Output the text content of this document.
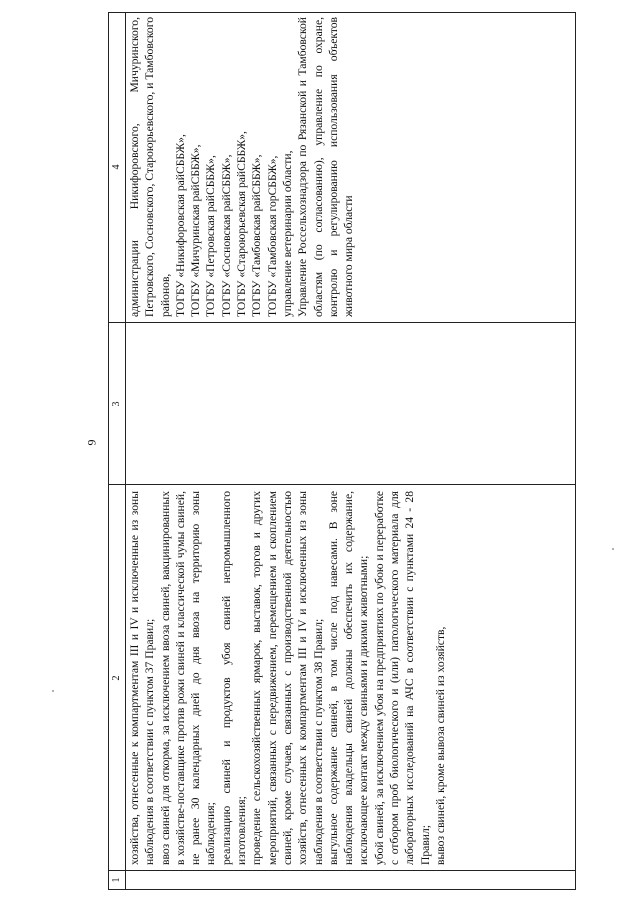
9
1
2
3
4

хозяйства, отнесенные к компартментам III и IV и исключенные из зоны наблюдения в соответствии с пунктом 37 Правил; ввоз свиней для откорма, за исключением ввоза свиней, вакцинированных в хозяйстве-поставщике против рожи свиней и классической чумы свиней, не ранее 30 календарных дней до дня ввоза на территорию зоны наблюдения; реализацию свиней и продуктов убоя свиней непромышленного изготовления; проведение сельскохозяйственных ярмарок, выставок, торгов и других мероприятий, связанных с передвижением, перемещением и скоплением свиней, кроме случаев, связанных с производственной деятельностью хозяйств, отнесенных к компартментам III и IV и исключенных из зоны наблюдения в соответствии с пунктом 38 Правил; выгульное содержание свиней, в том числе под навесами. В зоне наблюдения владельцы свиней должны обеспечить их содержание, исключающее контакт между свиньями и дикими животными; убой свиней, за исключением убоя на предприятиях по убою и переработке с отбором проб биологического и (или) патологического материала для лабораторных исследований на АЧС в соответствии с пунктами 24 - 28 Правил; вывоз свиней, кроме вывоза свиней из хозяйств,

администрации Никифоровского, Мичуринского, Петровского, Сосновского, Староюрьевского, и Тамбовского районов, ТОГБУ «Никифоровская райСББЖ», ТОГБУ «Мичуринская райСББЖ», ТОГБУ «Петровская райСББЖ», ТОГБУ «Сосновская райСББЖ», ТОГБУ «Староюрьевская райСББЖ», ТОГБУ «Тамбовская райСББЖ», ТОГБУ «Тамбовская горСББЖ», управление ветеринарии области, Управление Россельхознадзора по Рязанской и Тамбовской областям (по согласованию), управление по охране, контролю и регулированию использования объектов животного мира области
